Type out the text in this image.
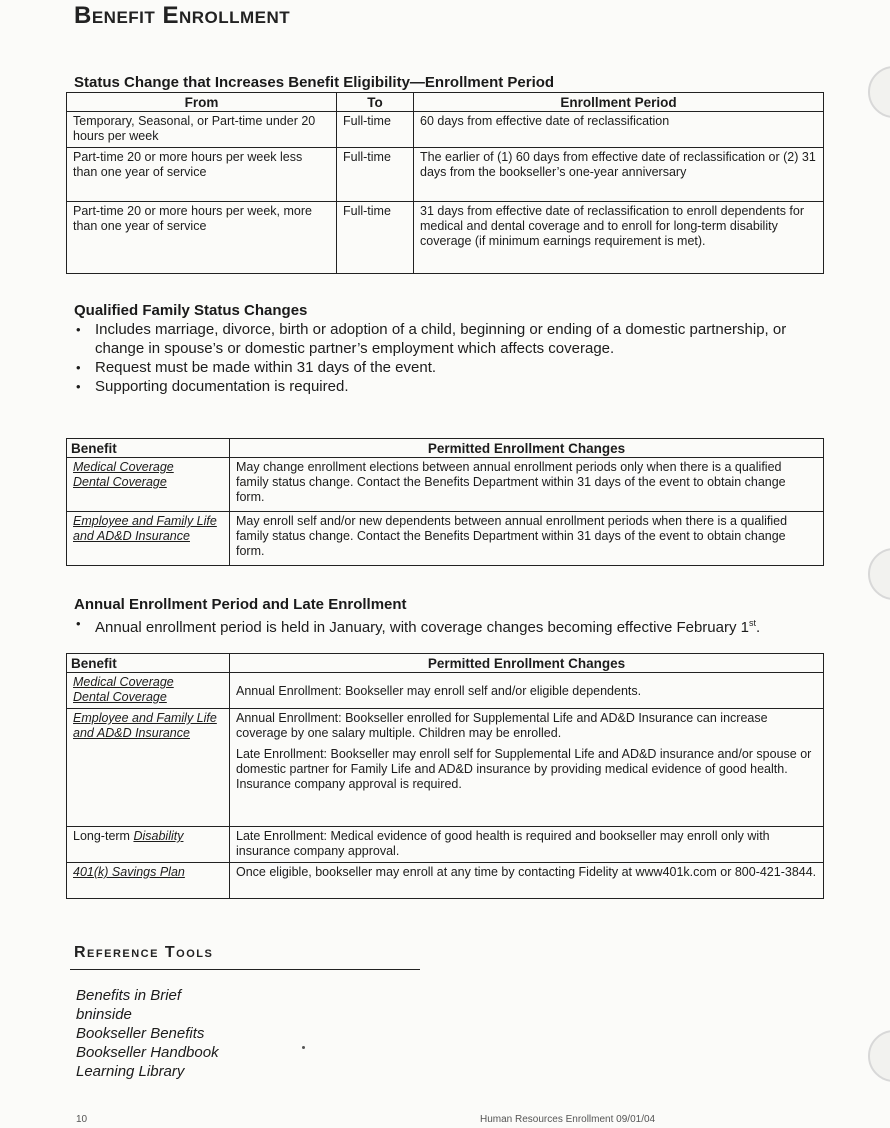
Benefit Enrollment
Status Change that Increases Benefit Eligibility—Enrollment Period
From	To	Enrollment Period
Temporary, Seasonal, or Part-time under 20 hours per week	Full-time	60 days from effective date of reclassification
Part-time 20 or more hours per week less than one year of service	Full-time	The earlier of (1) 60 days from effective date of reclassification or (2) 31 days from the bookseller’s one-year anniversary
Part-time 20 or more hours per week, more than one year of service	Full-time	31 days from effective date of reclassification to enroll dependents for medical and dental coverage and to enroll for long-term disability coverage (if minimum earnings requirement is met).
Qualified Family Status Changes
• Includes marriage, divorce, birth or adoption of a child, beginning or ending of a domestic partnership, or change in spouse’s or domestic partner’s employment which affects coverage.
• Request must be made within 31 days of the event.
• Supporting documentation is required.
Benefit	Permitted Enrollment Changes

Medical Coverage
Dental Coverage	May change enrollment elections between annual enrollment periods only when there is a qualified family status change. Contact the Benefits Department within 31 days of the event to obtain change form.

Employee and Family Life and AD&D Insurance	May enroll self and/or new dependents between annual enrollment periods when there is a qualified family status change. Contact the Benefits Department within 31 days of the event to obtain change form.
Annual Enrollment Period and Late Enrollment
• Annual enrollment period is held in January, with coverage changes becoming effective February 1st.
Benefit	Permitted Enrollment Changes

Medical Coverage
Dental Coverage	Annual Enrollment: Bookseller may enroll self and/or eligible dependents.

Employee and Family Life and AD&D Insurance	Annual Enrollment: Bookseller enrolled for Supplemental Life and AD&D Insurance can increase coverage by one salary multiple. Children may be enrolled.
Late Enrollment: Bookseller may enroll self for Supplemental Life and AD&D insurance and/or spouse or domestic partner for Family Life and AD&D insurance by providing medical evidence of good health. Insurance company approval is required.

Long-term Disability	Late Enrollment: Medical evidence of good health is required and bookseller may enroll only with insurance company approval.

401(k) Savings Plan	Once eligible, bookseller may enroll at any time by contacting Fidelity at www401k.com or 800-421-3844.
Reference Tools
Benefits in Brief
bninside
Bookseller Benefits
Bookseller Handbook
Learning Library
10	Human Resources Enrollment 09/01/04
